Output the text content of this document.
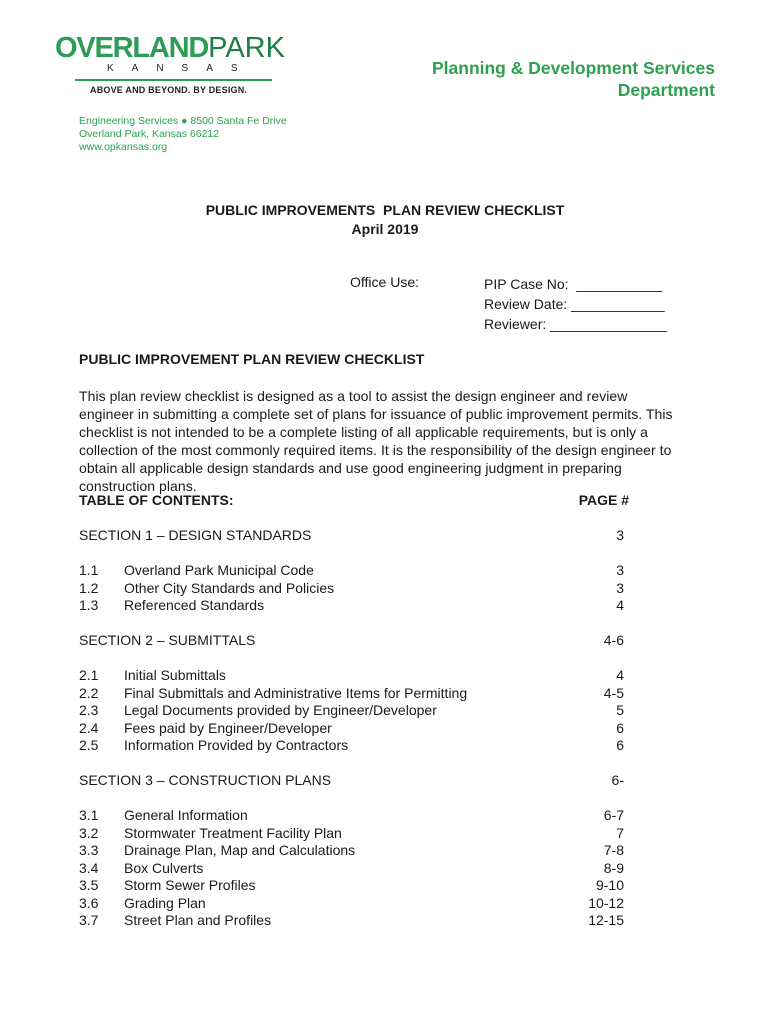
OVERLANDPARK
KANSAS
ABOVE AND BEYOND. BY DESIGN.
Planning & Development Services
Department
Engineering Services ● 8500 Santa Fe Drive
Overland Park, Kansas 66212
www.opkansas.org
PUBLIC IMPROVEMENTS  PLAN REVIEW CHECKLIST
April 2019
Office Use:	PIP Case No:  ___________
Review Date: ____________
Reviewer: _______________
PUBLIC IMPROVEMENT PLAN REVIEW CHECKLIST
This plan review checklist is designed as a tool to assist the design engineer and review engineer in submitting a complete set of plans for issuance of public improvement permits. This checklist is not intended to be a complete listing of all applicable requirements, but is only a collection of the most commonly required items. It is the responsibility of the design engineer to obtain all applicable design standards and use good engineering judgment in preparing construction plans.
TABLE OF CONTENTS:	PAGE #
SECTION 1 – DESIGN STANDARDS	3
1.1 Overland Park Municipal Code	3
1.2 Other City Standards and Policies	3
1.3 Referenced Standards	4
SECTION 2 – SUBMITTALS	4-6
2.1 Initial Submittals	4
2.2 Final Submittals and Administrative Items for Permitting	4-5
2.3 Legal Documents provided by Engineer/Developer	5
2.4 Fees paid by Engineer/Developer	6
2.5 Information Provided by Contractors	6
SECTION 3 – CONSTRUCTION PLANS	6-
3.1 General Information	6-7
3.2 Stormwater Treatment Facility Plan	7
3.3 Drainage Plan, Map and Calculations	7-8
3.4 Box Culverts	8-9
3.5 Storm Sewer Profiles	9-10
3.6 Grading Plan	10-12
3.7 Street Plan and Profiles	12-15
